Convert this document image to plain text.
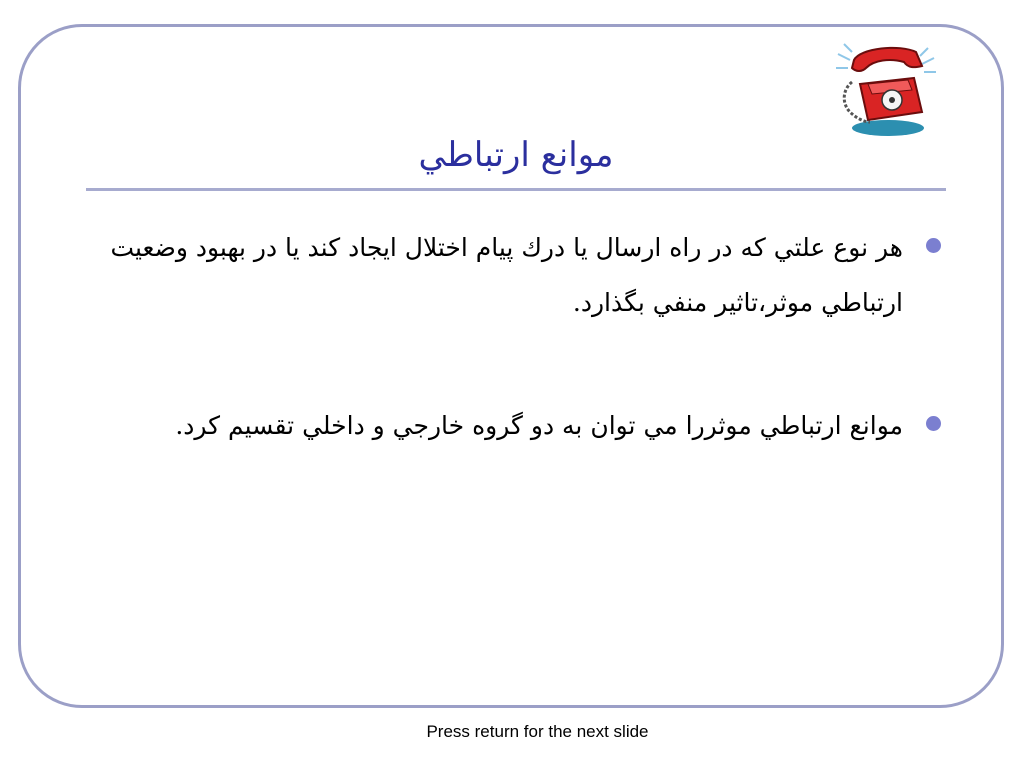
موانع ارتباطي
هر نوع علتي كه در راه ارسال يا درك پيام اختلال ايجاد كند يا در بهبود وضعيت ارتباطي موثر،تاثير منفي بگذارد.
موانع ارتباطي موثررا مي توان به دو گروه خارجي و داخلي تقسيم كرد.
Press return for the next slide
